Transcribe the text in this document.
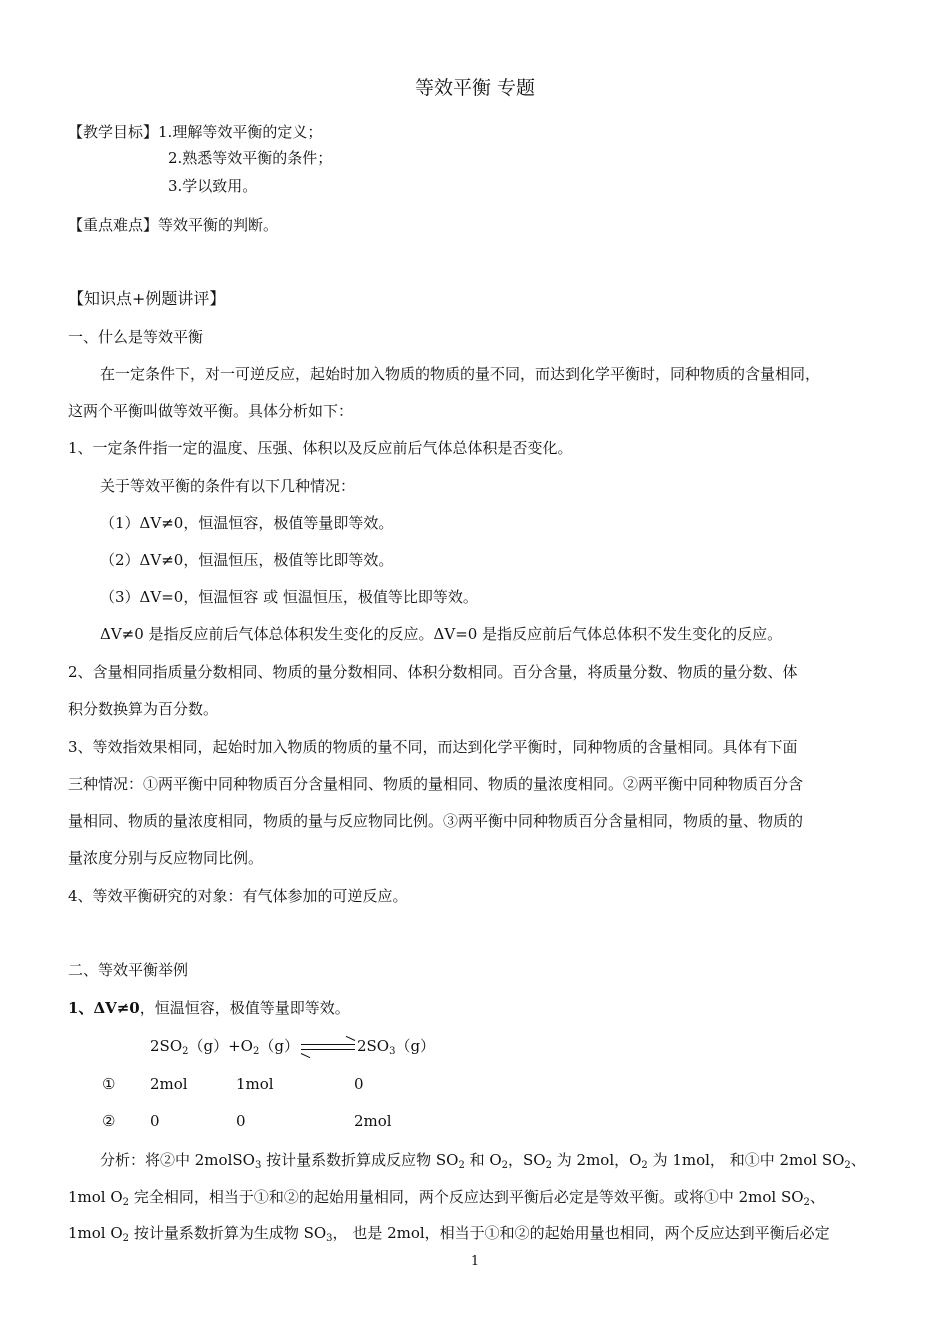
等效平衡 专题
【教学目标】1.理解等效平衡的定义；
2.熟悉等效平衡的条件；
3.学以致用。
【重点难点】等效平衡的判断。
【知识点+例题讲评】
一、什么是等效平衡
在一定条件下，对一可逆反应，起始时加入物质的物质的量不同，而达到化学平衡时，同种物质的含量相同，
这两个平衡叫做等效平衡。具体分析如下：
1、一定条件指一定的温度、压强、体积以及反应前后气体总体积是否变化。
关于等效平衡的条件有以下几种情况：
（1）ΔV≠0，恒温恒容，极值等量即等效。
（2）ΔV≠0，恒温恒压，极值等比即等效。
（3）ΔV=0，恒温恒容 或 恒温恒压，极值等比即等效。
ΔV≠0 是指反应前后气体总体积发生变化的反应。ΔV=0 是指反应前后气体总体积不发生变化的反应。
2、含量相同指质量分数相同、物质的量分数相同、体积分数相同。百分含量，将质量分数、物质的量分数、体
积分数换算为百分数。
3、等效指效果相同，起始时加入物质的物质的量不同，而达到化学平衡时，同种物质的含量相同。具体有下面
三种情况：①两平衡中同种物质百分含量相同、物质的量相同、物质的量浓度相同。②两平衡中同种物质百分含
量相同、物质的量浓度相同，物质的量与反应物同比例。③两平衡中同种物质百分含量相同，物质的量、物质的
量浓度分别与反应物同比例。
4、等效平衡研究的对象：有气体参加的可逆反应。
二、等效平衡举例
1、ΔV≠0，恒温恒容，极值等量即等效。
$2SO_2(g)+O_2(g)$ ⇌ $2SO_3(g)$
① 2mol	1mol	0
② 0	0	2mol
分析：将②中 2molSO$_3$ 按计量系数折算成反应物 $SO_2$ 和 $O_2$，$SO_2$ 为 2mol，$O_2$ 为 1mol， 和①中 2mol $SO_2$、
1mol $O_2$ 完全相同，相当于①和②的起始用量相同，两个反应达到平衡后必定是等效平衡。或将①中 2mol $SO_2$、
1mol $O_2$ 按计量系数折算为生成物 $SO_3$， 也是 2mol，相当于①和②的起始用量也相同，两个反应达到平衡后必定
1
